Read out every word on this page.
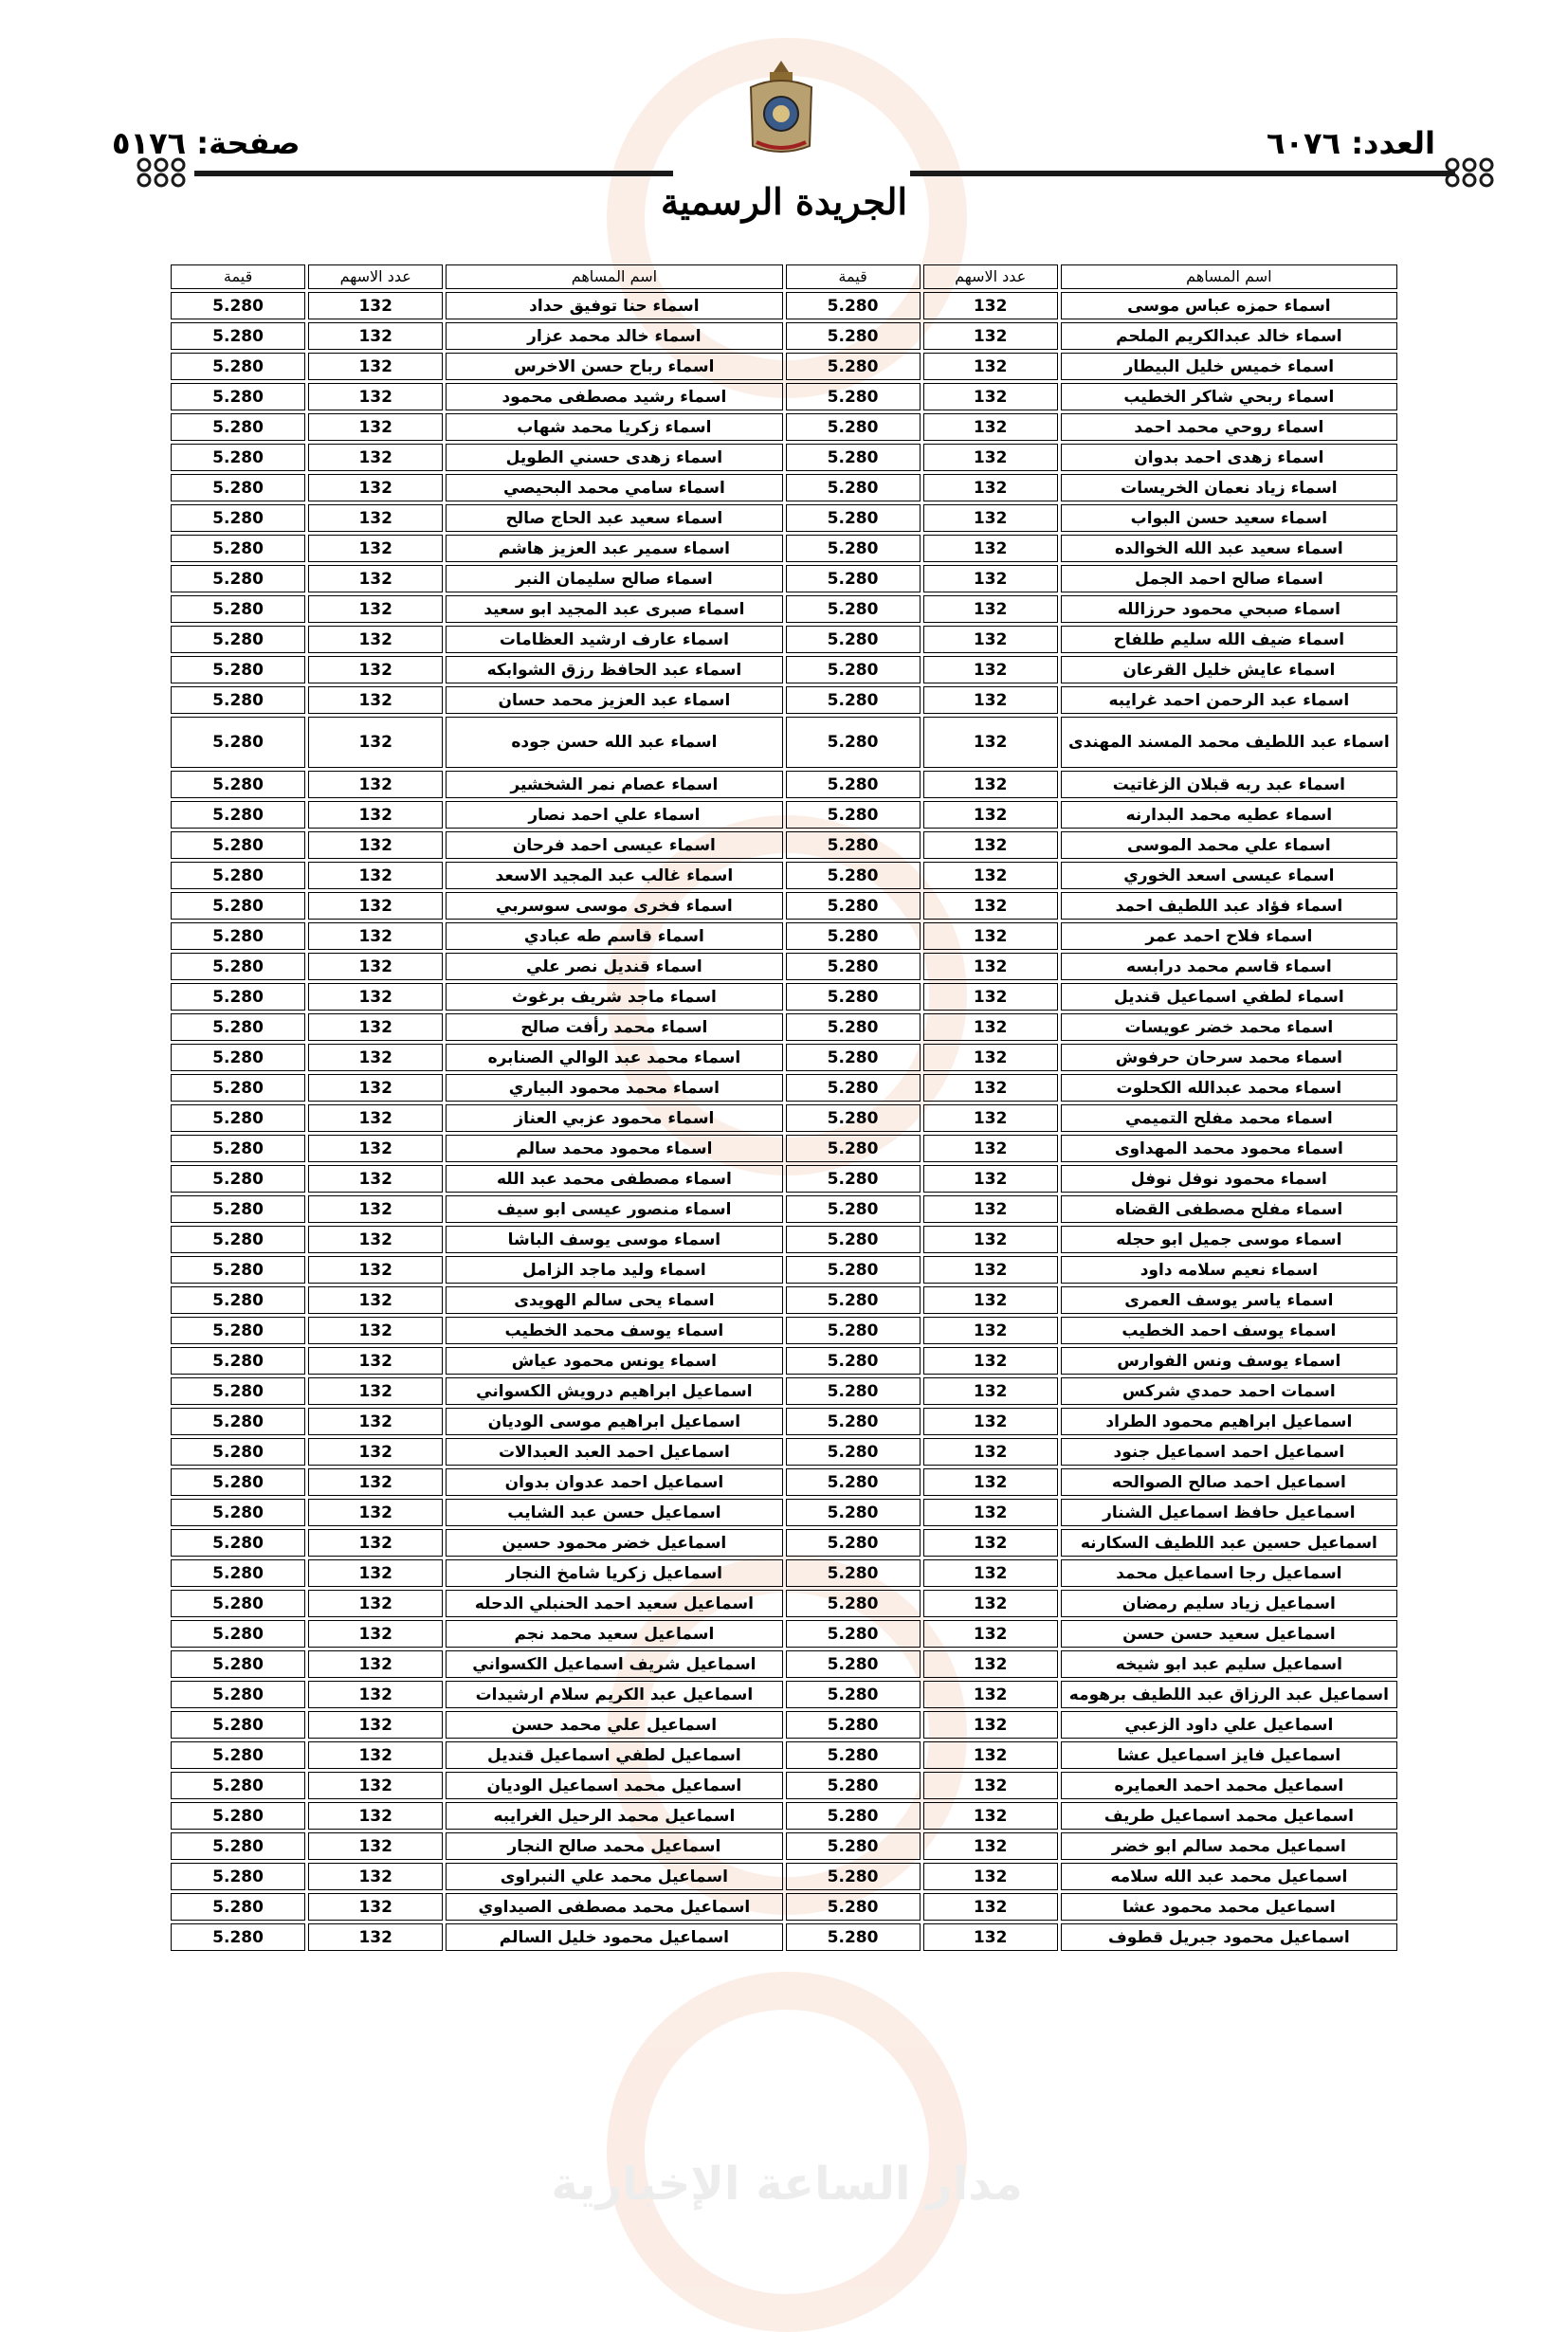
مدار الساعة الإخبارية
العدد: ٦٠٧٦
صفحة: ٥١٧٦
الجريدة الرسمية
اسم المساهم	عدد الاسهم	قيمة	اسم المساهم	عدد الاسهم	قيمة
اسماء حمزه عباس موسى	132	5.280	اسماء حنا توفيق حداد	132	5.280
اسماء خالد عبدالكريم الملحم	132	5.280	اسماء خالد محمد عزار	132	5.280
اسماء خميس خليل البيطار	132	5.280	اسماء رباح حسن الاخرس	132	5.280
اسماء ربحي شاكر الخطيب	132	5.280	اسماء رشيد مصطفى محمود	132	5.280
اسماء روحي محمد احمد	132	5.280	اسماء زكريا محمد شهاب	132	5.280
اسماء زهدى احمد بدوان	132	5.280	اسماء زهدى حسني الطويل	132	5.280
اسماء زياد نعمان الخريسات	132	5.280	اسماء سامي محمد البحيصي	132	5.280
اسماء سعيد حسن البواب	132	5.280	اسماء سعيد عبد الحاج صالح	132	5.280
اسماء سعيد عبد الله الخوالده	132	5.280	اسماء سمير عبد العزيز هاشم	132	5.280
اسماء صالح احمد الجمل	132	5.280	اسماء صالح سليمان النبر	132	5.280
اسماء صبحي محمود حرزالله	132	5.280	اسماء صبرى عبد المجيد ابو سعيد	132	5.280
اسماء ضيف الله سليم طلفاح	132	5.280	اسماء عارف ارشيد العظامات	132	5.280
اسماء عايش خليل القرعان	132	5.280	اسماء عبد الحافظ رزق الشوابكه	132	5.280
اسماء عبد الرحمن احمد غرايبه	132	5.280	اسماء عبد العزيز محمد حسان	132	5.280
اسماء عبد اللطيف محمد المسند المهندى	132	5.280	اسماء عبد الله حسن جوده	132	5.280
اسماء عبد ربه قبلان الزغاتيت	132	5.280	اسماء عصام نمر الشخشير	132	5.280
اسماء عطيه محمد البدارنه	132	5.280	اسماء علي احمد نصار	132	5.280
اسماء علي محمد الموسى	132	5.280	اسماء عيسى احمد فرحان	132	5.280
اسماء عيسى اسعد الخوري	132	5.280	اسماء غالب عبد المجيد الاسعد	132	5.280
اسماء فؤاد عبد اللطيف احمد	132	5.280	اسماء فخرى موسى سوسربي	132	5.280
اسماء فلاح احمد عمر	132	5.280	اسماء قاسم طه عبادي	132	5.280
اسماء قاسم محمد درابسه	132	5.280	اسماء قنديل نصر علي	132	5.280
اسماء لطفي اسماعيل قنديل	132	5.280	اسماء ماجد شريف برغوث	132	5.280
اسماء محمد خضر عويسات	132	5.280	اسماء محمد رأفت صالح	132	5.280
اسماء محمد سرحان حرفوش	132	5.280	اسماء محمد عبد الوالي الصنابره	132	5.280
اسماء محمد عبدالله الكحلوت	132	5.280	اسماء محمد محمود البياري	132	5.280
اسماء محمد مفلح التميمي	132	5.280	اسماء محمود عزبي العناز	132	5.280
اسماء محمود محمد المهداوى	132	5.280	اسماء محمود محمد سالم	132	5.280
اسماء محمود نوفل نوفل	132	5.280	اسماء مصطفى محمد عبد الله	132	5.280
اسماء مفلح مصطفى القضاه	132	5.280	اسماء منصور عيسى ابو سيف	132	5.280
اسماء موسى جميل ابو حجله	132	5.280	اسماء موسى يوسف الباشا	132	5.280
اسماء نعيم سلامه داود	132	5.280	اسماء وليد ماجد الزامل	132	5.280
اسماء ياسر يوسف العمرى	132	5.280	اسماء يحى سالم الهويدى	132	5.280
اسماء يوسف احمد الخطيب	132	5.280	اسماء يوسف محمد الخطيب	132	5.280
اسماء يوسف ونس الفوارس	132	5.280	اسماء يونس محمود عياش	132	5.280
اسمات احمد حمدي شركس	132	5.280	اسماعيل ابراهيم درويش الكسواني	132	5.280
اسماعيل ابراهيم محمود الطراد	132	5.280	اسماعيل ابراهيم موسى الوديان	132	5.280
اسماعيل احمد اسماعيل جنود	132	5.280	اسماعيل احمد العبد العبدالات	132	5.280
اسماعيل احمد صالح الصوالحه	132	5.280	اسماعيل احمد عدوان بدوان	132	5.280
اسماعيل حافظ اسماعيل الشنار	132	5.280	اسماعيل حسن عبد الشايب	132	5.280
اسماعيل حسين عبد اللطيف السكارنه	132	5.280	اسماعيل خضر محمود حسين	132	5.280
اسماعيل رجا اسماعيل محمد	132	5.280	اسماعيل زكريا شامخ النجار	132	5.280
اسماعيل زياد سليم رمضان	132	5.280	اسماعيل سعيد احمد الحنبلي الدحله	132	5.280
اسماعيل سعيد حسن حسن	132	5.280	اسماعيل سعيد محمد نجم	132	5.280
اسماعيل سليم عبد ابو شيخه	132	5.280	اسماعيل شريف اسماعيل الكسواني	132	5.280
اسماعيل عبد الرزاق عبد اللطيف برهومه	132	5.280	اسماعيل عبد الكريم سلام ارشيدات	132	5.280
اسماعيل علي داود الزعبي	132	5.280	اسماعيل علي محمد حسن	132	5.280
اسماعيل فايز اسماعيل عشا	132	5.280	اسماعيل لطفي اسماعيل قنديل	132	5.280
اسماعيل محمد احمد العمايره	132	5.280	اسماعيل محمد اسماعيل الوديان	132	5.280
اسماعيل محمد اسماعيل طريف	132	5.280	اسماعيل محمد الرحيل الغرايبه	132	5.280
اسماعيل محمد سالم ابو خضر	132	5.280	اسماعيل محمد صالح النجار	132	5.280
اسماعيل محمد عبد الله سلامه	132	5.280	اسماعيل محمد علي النبراوى	132	5.280
اسماعيل محمد محمود عشا	132	5.280	اسماعيل محمد مصطفى الصيداوي	132	5.280
اسماعيل محمود جبريل قطوف	132	5.280	اسماعيل محمود خليل السالم	132	5.280
